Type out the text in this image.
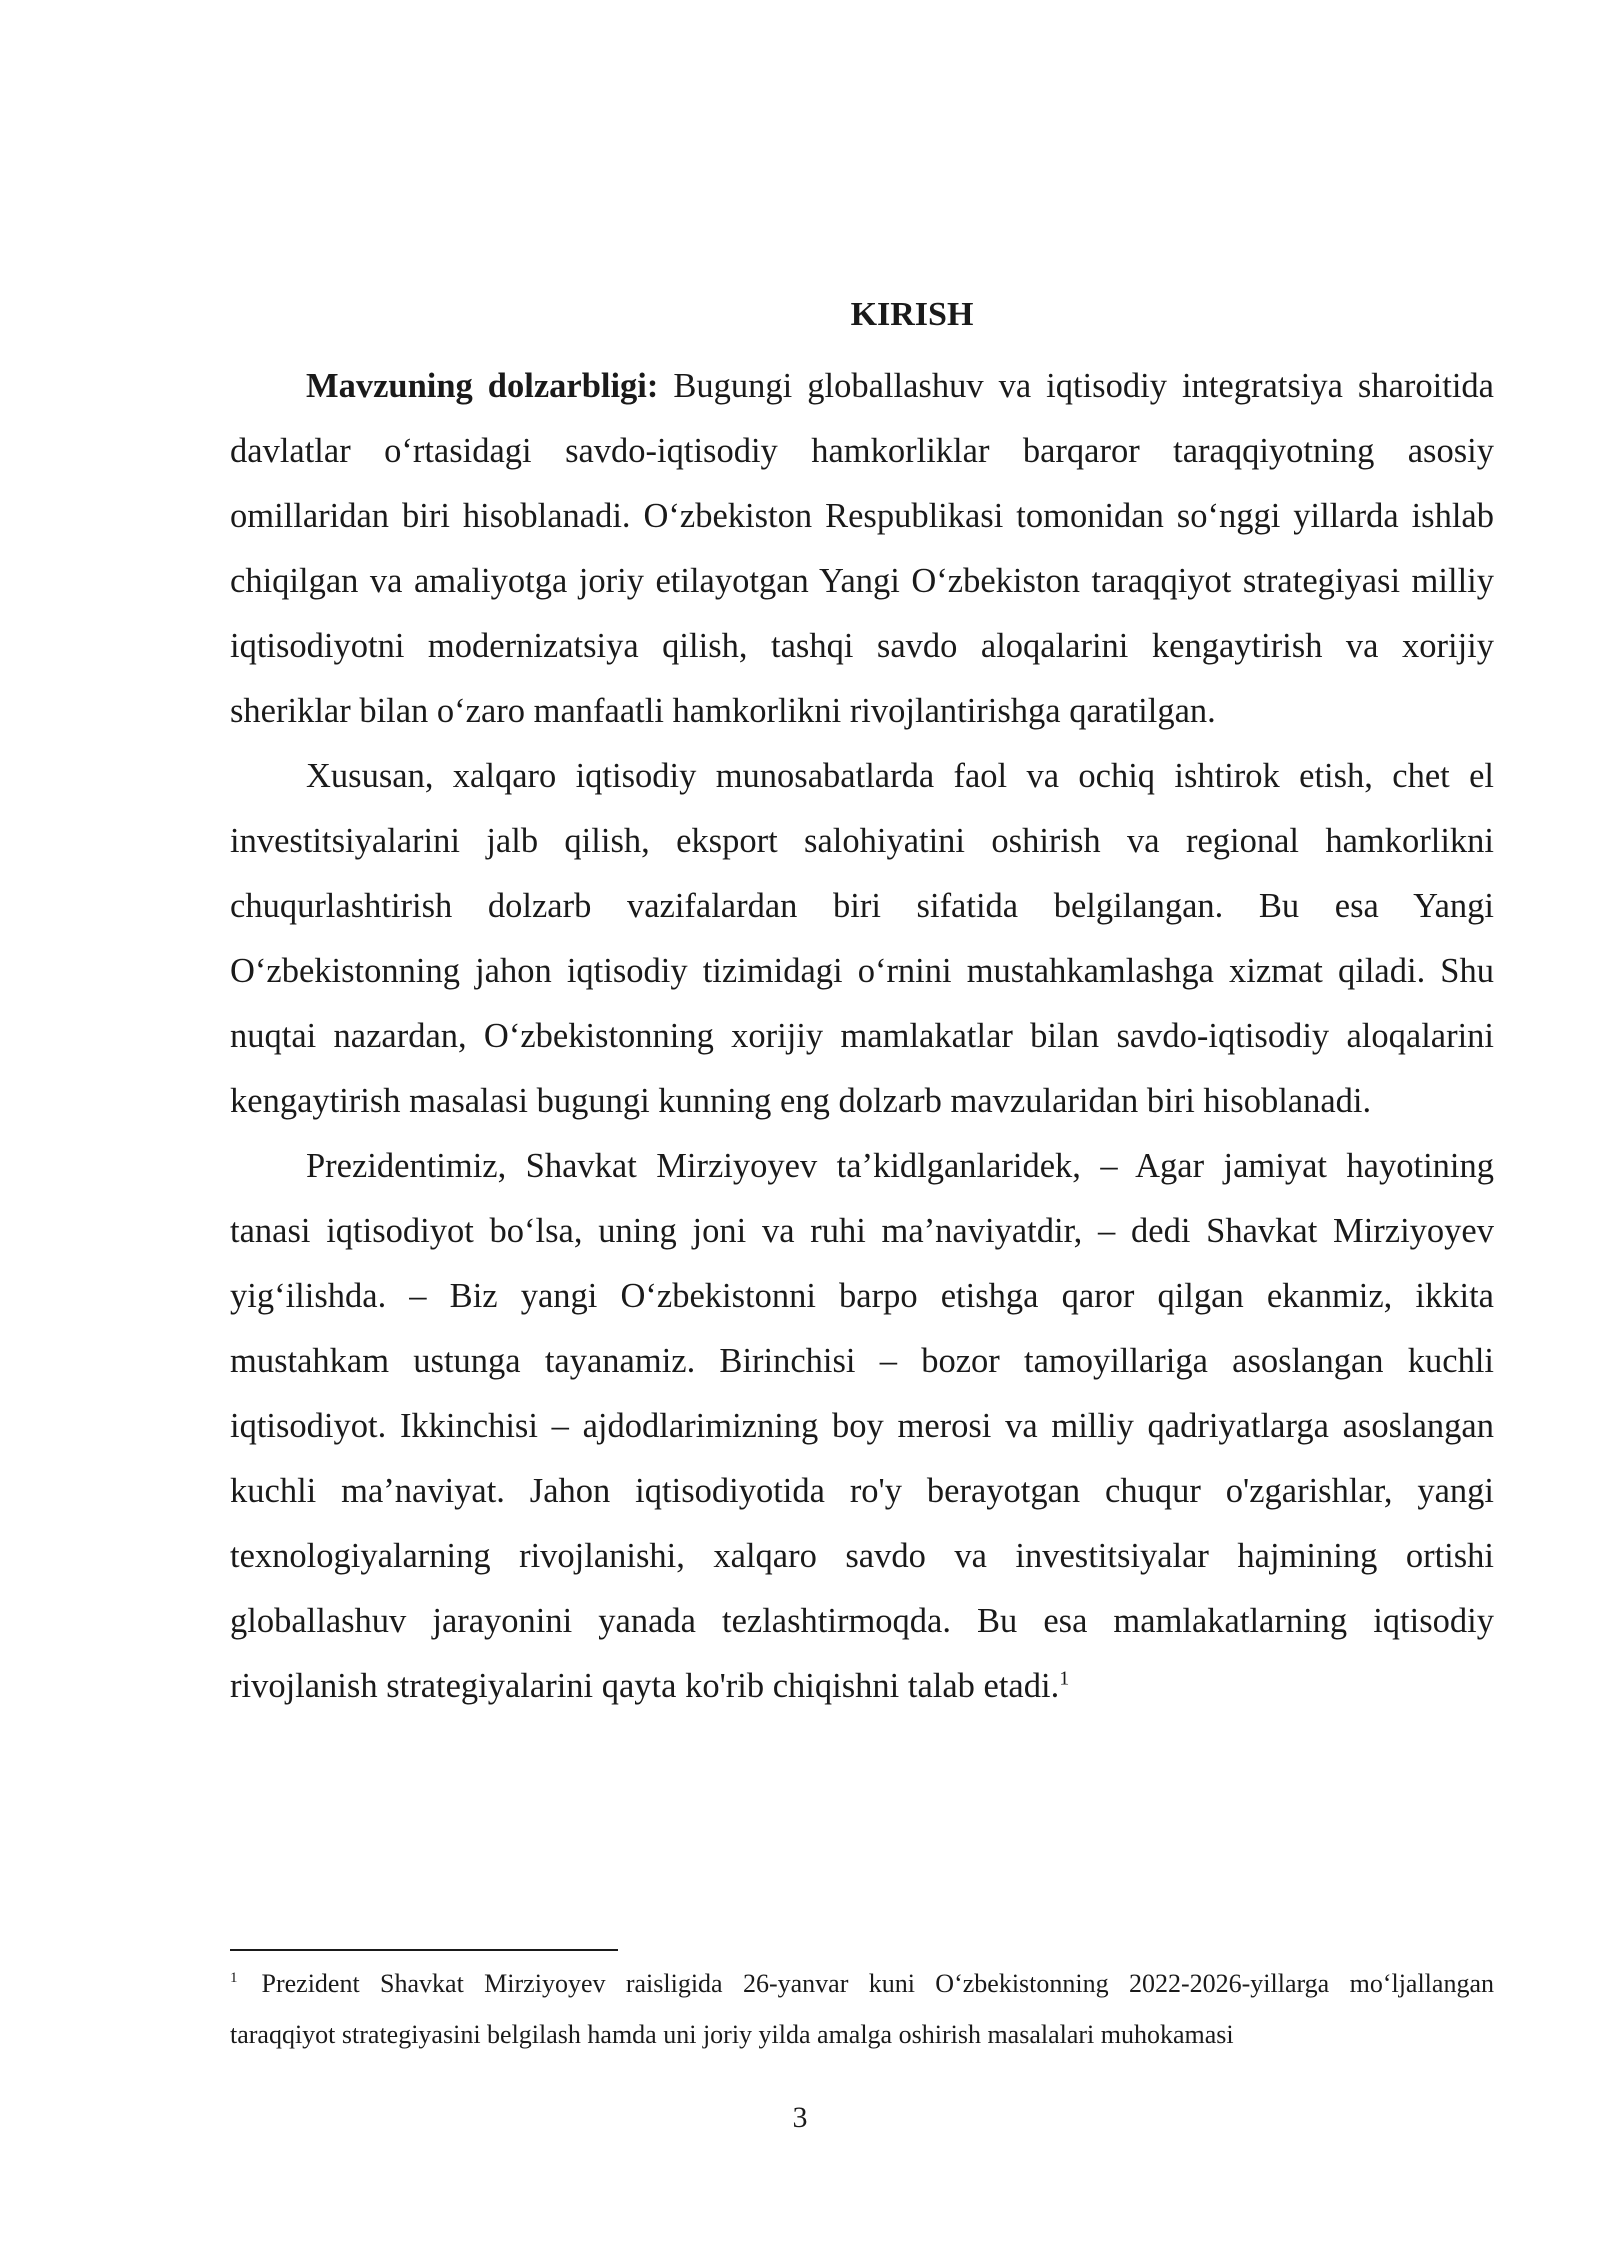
KIRISH

Mavzuning dolzarbligi: Bugungi globallashuv va iqtisodiy integratsiya sharoitida davlatlar oʻrtasidagi savdo-iqtisodiy hamkorliklar barqaror taraqqiyotning asosiy omillaridan biri hisoblanadi. Oʻzbekiston Respublikasi tomonidan soʻnggi yillarda ishlab chiqilgan va amaliyotga joriy etilayotgan Yangi Oʻzbekiston taraqqiyot strategiyasi milliy iqtisodiyotni modernizatsiya qilish, tashqi savdo aloqalarini kengaytirish va xorijiy sheriklar bilan oʻzaro manfaatli hamkorlikni rivojlantirishga qaratilgan.

Xususan, xalqaro iqtisodiy munosabatlarda faol va ochiq ishtirok etish, chet el investitsiyalarini jalb qilish, eksport salohiyatini oshirish va regional hamkorlikni chuqurlashtirish dolzarb vazifalardan biri sifatida belgilangan. Bu esa Yangi Oʻzbekistonning jahon iqtisodiy tizimidagi oʻrnini mustahkamlashga xizmat qiladi. Shu nuqtai nazardan, Oʻzbekistonning xorijiy mamlakatlar bilan savdo-iqtisodiy aloqalarini kengaytirish masalasi bugungi kunning eng dolzarb mavzularidan biri hisoblanadi.

Prezidentimiz, Shavkat Mirziyoyev ta’kidlganlaridek, – Agar jamiyat hayotining tanasi iqtisodiyot boʻlsa, uning joni va ruhi ma’naviyatdir, – dedi Shavkat Mirziyoyev yigʻilishda. – Biz yangi Oʻzbekistonni barpo etishga qaror qilgan ekanmiz, ikkita mustahkam ustunga tayanamiz. Birinchisi – bozor tamoyillariga asoslangan kuchli iqtisodiyot. Ikkinchisi – ajdodlarimizning boy merosi va milliy qadriyatlarga asoslangan kuchli ma’naviyat. Jahon iqtisodiyotida ro'y berayotgan chuqur o'zgarishlar, yangi texnologiyalarning rivojlanishi, xalqaro savdo va investitsiyalar hajmining ortishi globallashuv jarayonini yanada tezlashtirmoqda. Bu esa mamlakatlarning iqtisodiy rivojlanish strategiyalarini qayta ko'rib chiqishni talab etadi.$^1$

$^1$ Prezident Shavkat Mirziyoyev raisligida 26-yanvar kuni Oʻzbekistonning 2022-2026-yillarga moʻljallangan taraqqiyot strategiyasini belgilash hamda uni joriy yilda amalga oshirish masalalari muhokamasi

3
